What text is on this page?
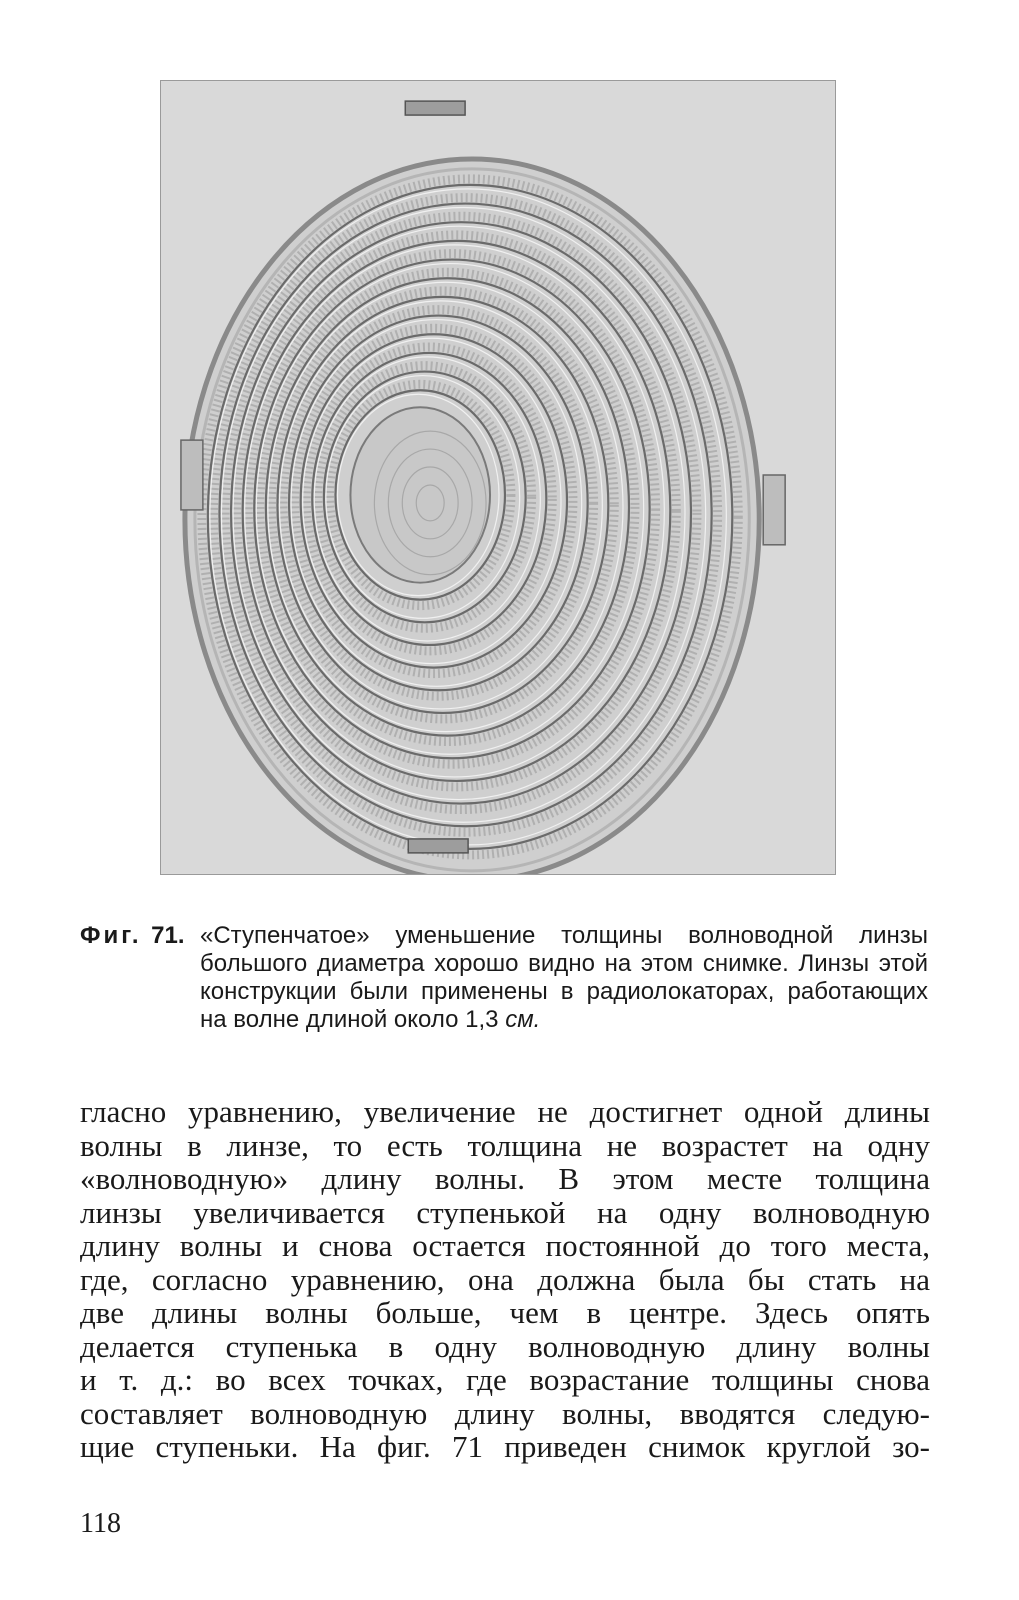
Фиг. 71. «Ступенчатое» уменьшение толщины волноводной линзы большого диаметра хорошо видно на этом снимке. Линзы этой конструкции были применены в радиолокаторах, работающих на волне длиной около 1,3 см.
гласно уравнению, увеличение не достигнет одной длины
волны в линзе, то есть толщина не возрастет на одну
«волноводную» длину волны. В этом месте толщина
линзы увеличивается ступенькой на одну волноводную
длину волны и снова остается постоянной до того места,
где, согласно уравнению, она должна была бы стать на
две длины волны больше, чем в центре. Здесь опять
делается ступенька в одну волноводную длину волны
и т. д.: во всех точках, где возрастание толщины снова
составляет волноводную длину волны, вводятся следую-
щие ступеньки. На фиг. 71 приведен снимок круглой зо-
118
